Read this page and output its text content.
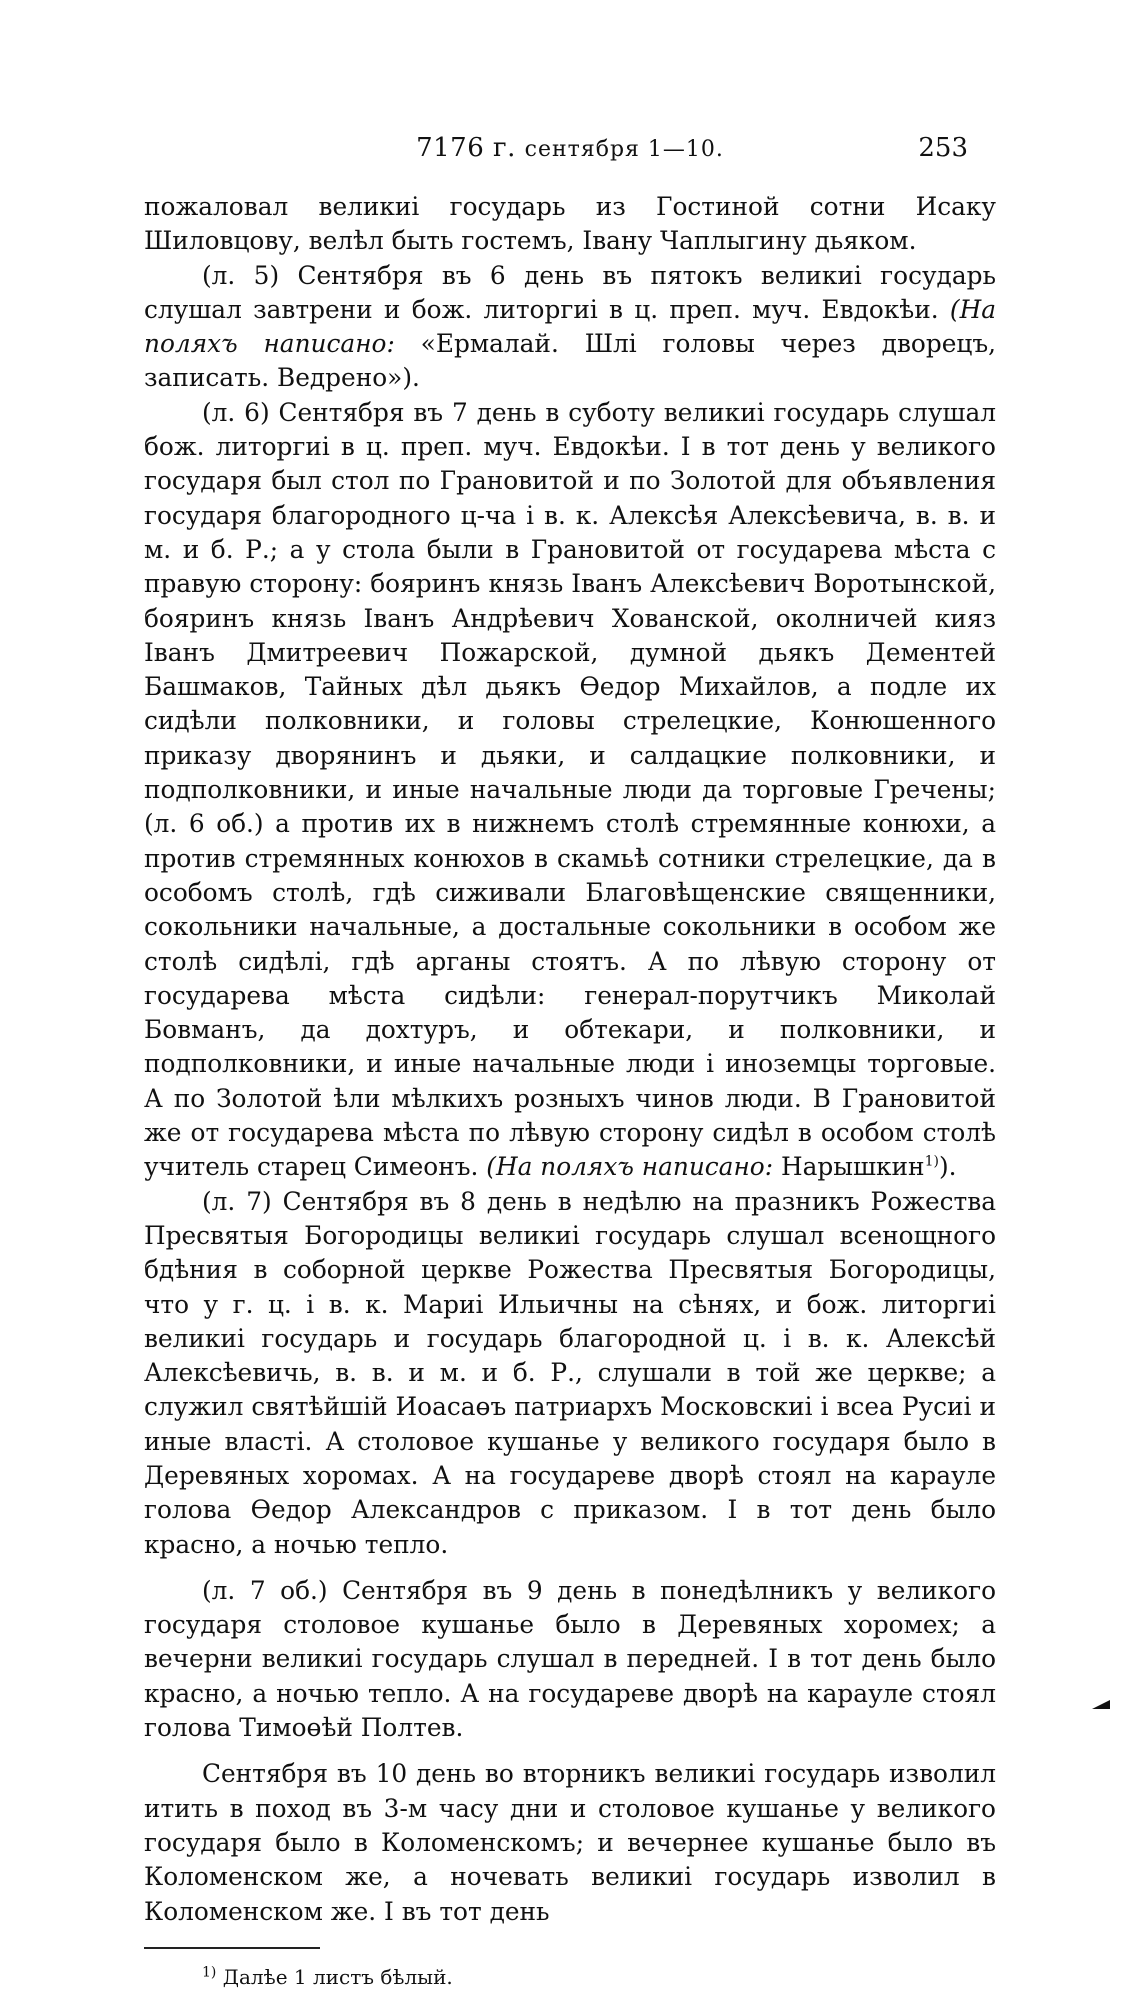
7176 г. сентября 1—10.	253

пожаловал великиі государь из Гостиной сотни Исаку Шиловцову, велѣл быть гостемъ, Івану Чаплыгину дьяком.

(л. 5) Сентября въ 6 день въ пятокъ великиі государь слушал завтрени и бож. литоргиі в ц. преп. муч. Евдокѣи. (На поляхъ написано: «Ермалай. Шлі головы через дворецъ, записать. Ведрено»).

(л. 6) Сентября въ 7 день в суботу великиі государь слушал бож. литоргиі в ц. преп. муч. Евдокѣи. І в тот день у великого государя был стол по Грановитой и по Золотой для объявления государя благородного ц-ча і в. к. Алексѣя Алексѣевича, в. в. и м. и б. Р.; а у стола были в Грановитой от государева мѣста с правую сторону: бояринъ князь Іванъ Алексѣевич Воротынской, бояринъ князь Іванъ Андрѣевич Хованской, околничей кияз Іванъ Дмитреевич Пожарской, думной дьякъ Дементей Башмаков, Тайных дѣл дьякъ Өедор Михайлов, а подле их сидѣли полковники, и головы стрелецкие, Конюшенного приказу дворянинъ и дьяки, и салдацкие полковники, и подполковники, и иные начальные люди да торговые Гречены; (л. 6 об.) а против их в нижнемъ столѣ стремянные конюхи, а против стремянных конюхов в скамьѣ сотники стрелецкие, да в особомъ столѣ, гдѣ сиживали Благовѣщенские священники, сокольники начальные, а достальные сокольники в особом же столѣ сидѣлі, гдѣ арганы стоятъ. А по лѣвую сторону от государева мѣста сидѣли: генерал-порутчикъ Миколай Бовманъ, да дохтуръ, и обтекари, и полковники, и подполковники, и иные начальные люди і иноземцы торговые. А по Золотой ѣли мѣлкихъ розныхъ чинов люди. В Грановитой же от государева мѣста по лѣвую сторону сидѣл в особом столѣ учитель старец Симеонъ. (На поляхъ написано: Нарышкин$^{1)}$).

(л. 7) Сентября въ 8 день в недѣлю на празникъ Рожества Пресвятыя Богородицы великиі государь слушал всенощного бдѣния в соборной церкве Рожества Пресвятыя Богородицы, что у г. ц. і в. к. Мариі Ильичны на сѣнях, и бож. литоргиі великиі государь и государь благородной ц. і в. к. Алексѣй Алексѣевичь, в. в. и м. и б. Р., слушали в той же церкве; а служил святѣйшій Иоасаөъ патриархъ Московскиі і всеа Русиі и иные властi. А столовое кушанье у великого государя было в Деревяных хоромах. А на государеве дворѣ стоял на карауле голова Өедор Александров с приказом. І в тот день было красно, а ночью тепло.

(л. 7 об.) Сентября въ 9 день в понедѣлникъ у великого государя столовое кушанье было в Деревяных хоромех; а вечерни великиі государь слушал в передней. І в тот день было красно, а ночью тепло. А на государеве дворѣ на карауле стоял голова Тимоөѣй Полтев.

Сентября въ 10 день во вторникъ великиі государь изволил итить в поход въ 3-м часу дни и столовое кушанье у великого государя было в Коломенскомъ; и вечернее кушанье было въ Коломенском же, а ночевать великиі государь изволил в Коломенском же. І въ тот день

$^{1)}$ Далѣе 1 листъ бѣлый.
